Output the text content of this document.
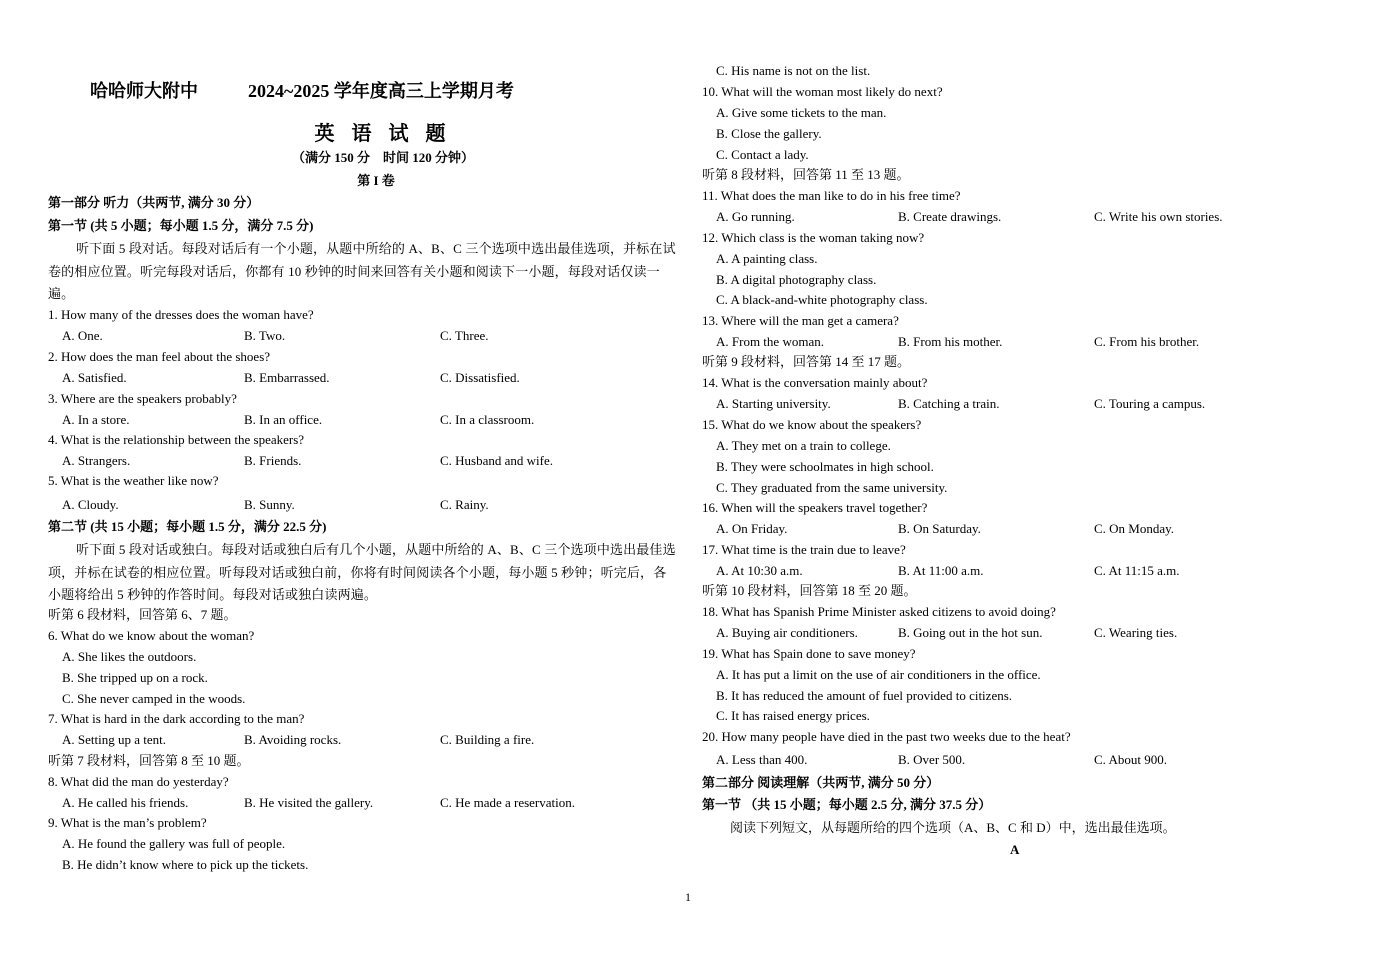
哈哈师大附中	2024~2025 学年度高三上学期月考
英 语 试 题
（满分 150 分　时间 120 分钟）
第 I 卷
第一部分 听力（共两节, 满分 30 分）
第一节 (共 5 小题；每小题 1.5 分，满分 7.5 分)
听下面 5 段对话。每段对话后有一个小题，从题中所给的 A、B、C 三个选项中选出最佳选项，并标在试卷的相应位置。听完每段对话后，你都有 10 秒钟的时间来回答有关小题和阅读下一小题，每段对话仅读一遍。
1. How many of the dresses does the woman have?
A. One.	B. Two.	C. Three.
2. How does the man feel about the shoes?
A. Satisfied.	B. Embarrassed.	C. Dissatisfied.
3. Where are the speakers probably?
A. In a store.	B. In an office.	C. In a classroom.
4. What is the relationship between the speakers?
A. Strangers.	B. Friends.	C. Husband and wife.
5. What is the weather like now?
A. Cloudy.	B. Sunny.	C. Rainy.
第二节 (共 15 小题；每小题 1.5 分，满分 22.5 分)
听下面 5 段对话或独白。每段对话或独白后有几个小题，从题中所给的 A、B、C 三个选项中选出最佳选项，并标在试卷的相应位置。听每段对话或独白前，你将有时间阅读各个小题，每小题 5 秒钟；听完后，各小题将给出 5 秒钟的作答时间。每段对话或独白读两遍。
听第 6 段材料，回答第 6、7 题。
6. What do we know about the woman?
A. She likes the outdoors.
B. She tripped up on a rock.
C. She never camped in the woods.
7. What is hard in the dark according to the man?
A. Setting up a tent.	B. Avoiding rocks.	C. Building a fire.
听第 7 段材料，回答第 8 至 10 题。
8. What did the man do yesterday?
A. He called his friends.	B. He visited the gallery.	C. He made a reservation.
9. What is the man’s problem?
A. He found the gallery was full of people.
B. He didn’t know where to pick up the tickets.
C. His name is not on the list.
10. What will the woman most likely do next?
A. Give some tickets to the man.
B. Close the gallery.
C. Contact a lady.
听第 8 段材料，回答第 11 至 13 题。
11. What does the man like to do in his free time?
A. Go running.	B. Create drawings.	C. Write his own stories.
12. Which class is the woman taking now?
A. A painting class.
B. A digital photography class.
C. A black-and-white photography class.
13. Where will the man get a camera?
A. From the woman.	B. From his mother.	C. From his brother.
听第 9 段材料，回答第 14 至 17 题。
14. What is the conversation mainly about?
A. Starting university.	B. Catching a train.	C. Touring a campus.
15. What do we know about the speakers?
A. They met on a train to college.
B. They were schoolmates in high school.
C. They graduated from the same university.
16. When will the speakers travel together?
A. On Friday.	B. On Saturday.	C. On Monday.
17. What time is the train due to leave?
A. At 10:30 a.m.	B. At 11:00 a.m.	C. At 11:15 a.m.
听第 10 段材料，回答第 18 至 20 题。
18. What has Spanish Prime Minister asked citizens to avoid doing?
A. Buying air conditioners.	B. Going out in the hot sun.	C. Wearing ties.
19. What has Spain done to save money?
A. It has put a limit on the use of air conditioners in the office.
B. It has reduced the amount of fuel provided to citizens.
C. It has raised energy prices.
20. How many people have died in the past two weeks due to the heat?
A. Less than 400.	B. Over 500.	C. About 900.
第二部分 阅读理解（共两节, 满分 50 分）
第一节 （共 15 小题；每小题 2.5 分, 满分 37.5 分）
阅读下列短文，从每题所给的四个选项（A、B、C 和 D）中，选出最佳选项。
A
1
